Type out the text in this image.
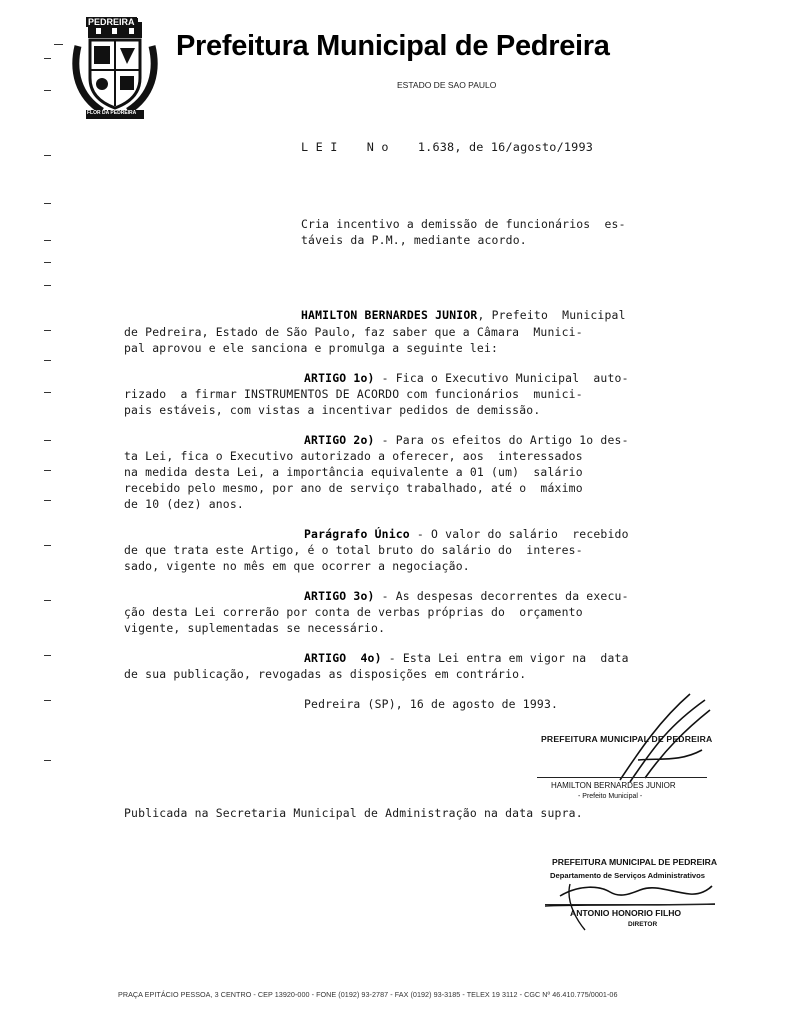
PEDREIRA
FLOR DA PEDREIRA
Prefeitura Municipal de Pedreira
ESTADO DE SAO PAULO
L E I    N o    1.638, de 16/agosto/1993
Cria incentivo a demissão de funcionários  es-
táveis da P.M., mediante acordo.
HAMILTON BERNARDES JUNIOR, Prefeito  Municipal
de Pedreira, Estado de São Paulo, faz saber que a Câmara  Munici-
pal aprovou e ele sanciona e promulga a seguinte lei:
ARTIGO 1o) - Fica o Executivo Municipal  auto-
rizado  a firmar INSTRUMENTOS DE ACORDO com funcionários  munici-
pais estáveis, com vistas a incentivar pedidos de demissão.
ARTIGO 2o) - Para os efeitos do Artigo 1o des-
ta Lei, fica o Executivo autorizado a oferecer, aos  interessados
na medida desta Lei, a importância equivalente a 01 (um)  salário
recebido pelo mesmo, por ano de serviço trabalhado, até o  máximo
de 10 (dez) anos.
Parágrafo Único - O valor do salário  recebido
de que trata este Artigo, é o total bruto do salário do  interes-
sado, vigente no mês em que ocorrer a negociação.
ARTIGO 3o) - As despesas decorrentes da execu-
ção desta Lei correrão por conta de verbas próprias do  orçamento
vigente, suplementadas se necessário.
ARTIGO  4o) - Esta Lei entra em vigor na  data
de sua publicação, revogadas as disposições em contrário.
Pedreira (SP), 16 de agosto de 1993.
PREFEITURA MUNICIPAL DE PEDREIRA
HAMILTON BERNARDES JUNIOR
- Prefeito Municipal -
Publicada na Secretaria Municipal de Administração na data supra.
PREFEITURA MUNICIPAL DE PEDREIRA
Departamento de Serviços Administrativos
ANTONIO HONORIO FILHO
DIRETOR
PRAÇA EPITÁCIO PESSOA, 3 CENTRO - CEP 13920-000 - FONE (0192) 93-2787 - FAX (0192) 93-3185 - TELEX 19 3112 - CGC Nº 46.410.775/0001-06
